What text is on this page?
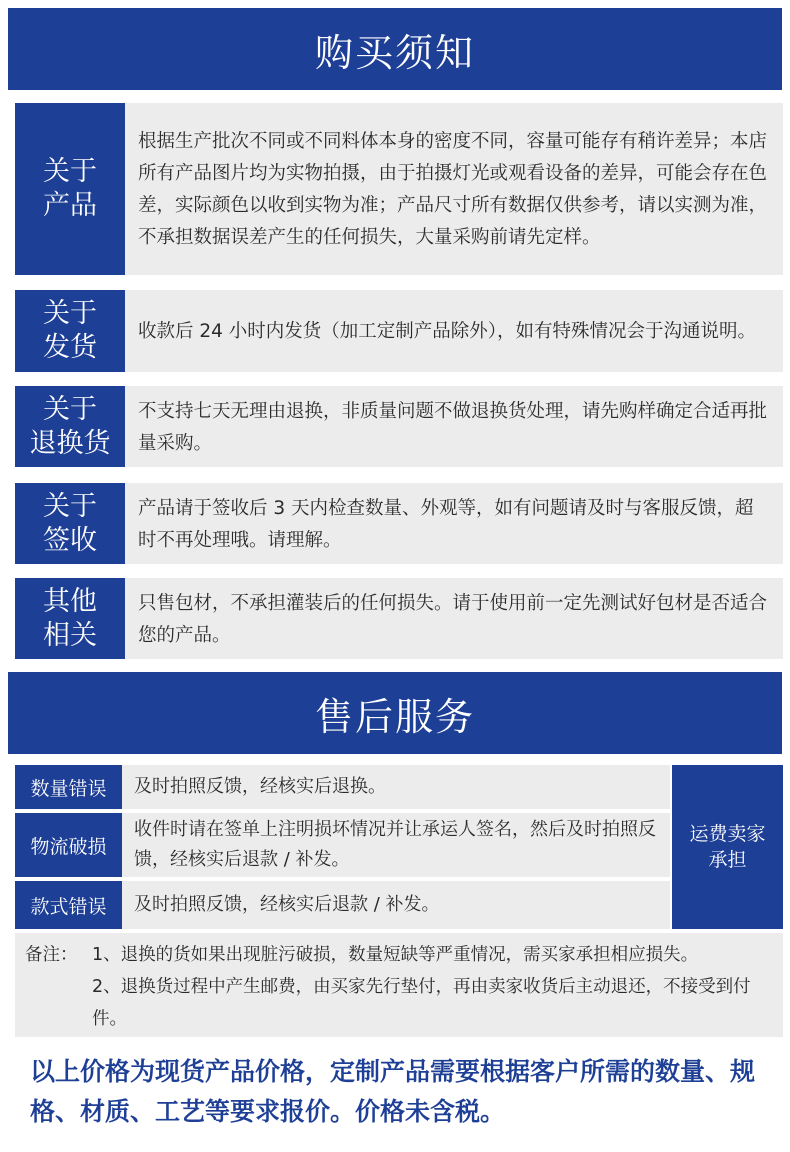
购买须知
关于
产品
根据生产批次不同或不同料体本身的密度不同，容量可能存有稍许差异；本店所有产品图片均为实物拍摄，由于拍摄灯光或观看设备的差异，可能会存在色差，实际颜色以收到实物为准；产品尺寸所有数据仅供参考，请以实测为准，不承担数据误差产生的任何损失，大量采购前请先定样。
关于
发货
收款后 24 小时内发货（加工定制产品除外），如有特殊情况会于沟通说明。
关于
退换货
不支持七天无理由退换，非质量问题不做退换货处理，请先购样确定合适再批量采购。
关于
签收
产品请于签收后 3 天内检查数量、外观等，如有问题请及时与客服反馈，超时不再处理哦。请理解。
其他
相关
只售包材，不承担灌装后的任何损失。请于使用前一定先测试好包材是否适合您的产品。
售后服务
数量错误	及时拍照反馈，经核实后退换。
物流破损
收件时请在签单上注明损坏情况并让承运人签名，然后及时拍照反馈，经核实后退款 / 补发。
款式错误	及时拍照反馈，经核实后退款 / 补发。
运费卖家
承担
备注： 1、退换的货如果出现脏污破损，数量短缺等严重情况，需买家承担相应损失。
2、退换货过程中产生邮费，由买家先行垫付，再由卖家收货后主动退还，不接受到付件。
以上价格为现货产品价格，定制产品需要根据客户所需的数量、规格、材质、工艺等要求报价。价格未含税。
